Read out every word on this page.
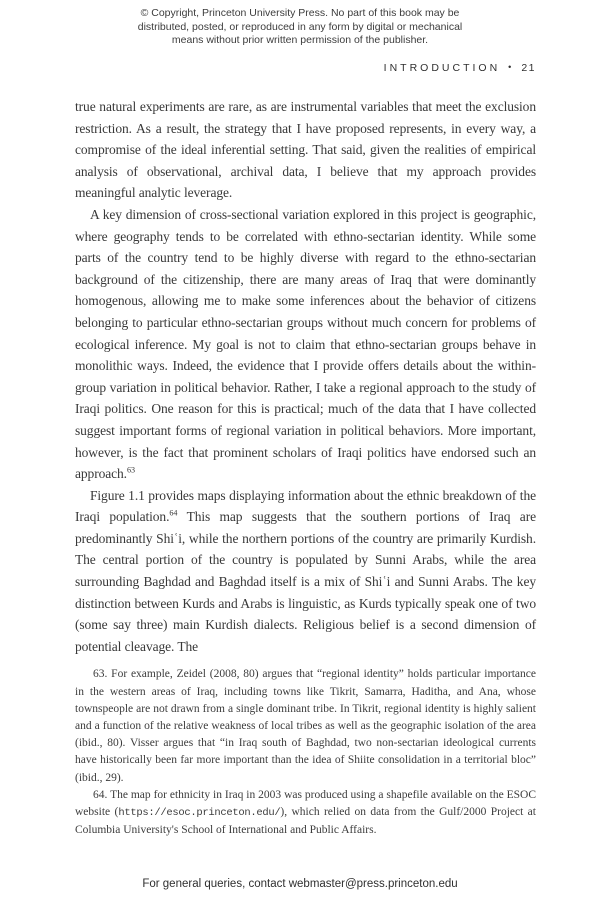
© Copyright, Princeton University Press. No part of this book may be
distributed, posted, or reproduced in any form by digital or mechanical
means without prior written permission of the publisher.
INTRODUCTION • 21

true natural experiments are rare, as are instrumental variables that meet the exclusion restriction. As a result, the strategy that I have proposed represents, in every way, a compromise of the ideal inferential setting. That said, given the realities of empirical analysis of observational, archival data, I believe that my approach provides meaningful analytic leverage.

A key dimension of cross-sectional variation explored in this project is geographic, where geography tends to be correlated with ethno-sectarian identity. While some parts of the country tend to be highly diverse with regard to the ethno-sectarian background of the citizenship, there are many areas of Iraq that were dominantly homogenous, allowing me to make some inferences about the behavior of citizens belonging to particular ethno-sectarian groups without much concern for problems of ecological inference. My goal is not to claim that ethno-sectarian groups behave in monolithic ways. Indeed, the evidence that I provide offers details about the within-group variation in political behavior. Rather, I take a regional approach to the study of Iraqi politics. One reason for this is practical; much of the data that I have collected suggest important forms of regional variation in political behaviors. More important, however, is the fact that prominent scholars of Iraqi politics have endorsed such an approach.$^{63}$

Figure 1.1 provides maps displaying information about the ethnic breakdown of the Iraqi population.$^{64}$ This map suggests that the southern portions of Iraq are predominantly Shiʿi, while the northern portions of the country are primarily Kurdish. The central portion of the country is populated by Sunni Arabs, while the area surrounding Baghdad and Baghdad itself is a mix of Shiʿi and Sunni Arabs. The key distinction between Kurds and Arabs is linguistic, as Kurds typically speak one of two (some say three) main Kurdish dialects. Religious belief is a second dimension of potential cleavage. The

63. For example, Zeidel (2008, 80) argues that “regional identity” holds particular importance in the western areas of Iraq, including towns like Tikrit, Samarra, Haditha, and Ana, whose townspeople are not drawn from a single dominant tribe. In Tikrit, regional identity is highly salient and a function of the relative weakness of local tribes as well as the geographic isolation of the area (ibid., 80). Visser argues that “in Iraq south of Baghdad, two non-sectarian ideological currents have historically been far more important than the idea of Shiite consolidation in a territorial bloc” (ibid., 29).

64. The map for ethnicity in Iraq in 2003 was produced using a shapefile available on the ESOC website (https://esoc.princeton.edu/), which relied on data from the Gulf/2000 Project at Columbia University's School of International and Public Affairs.

For general queries, contact webmaster@press.princeton.edu
